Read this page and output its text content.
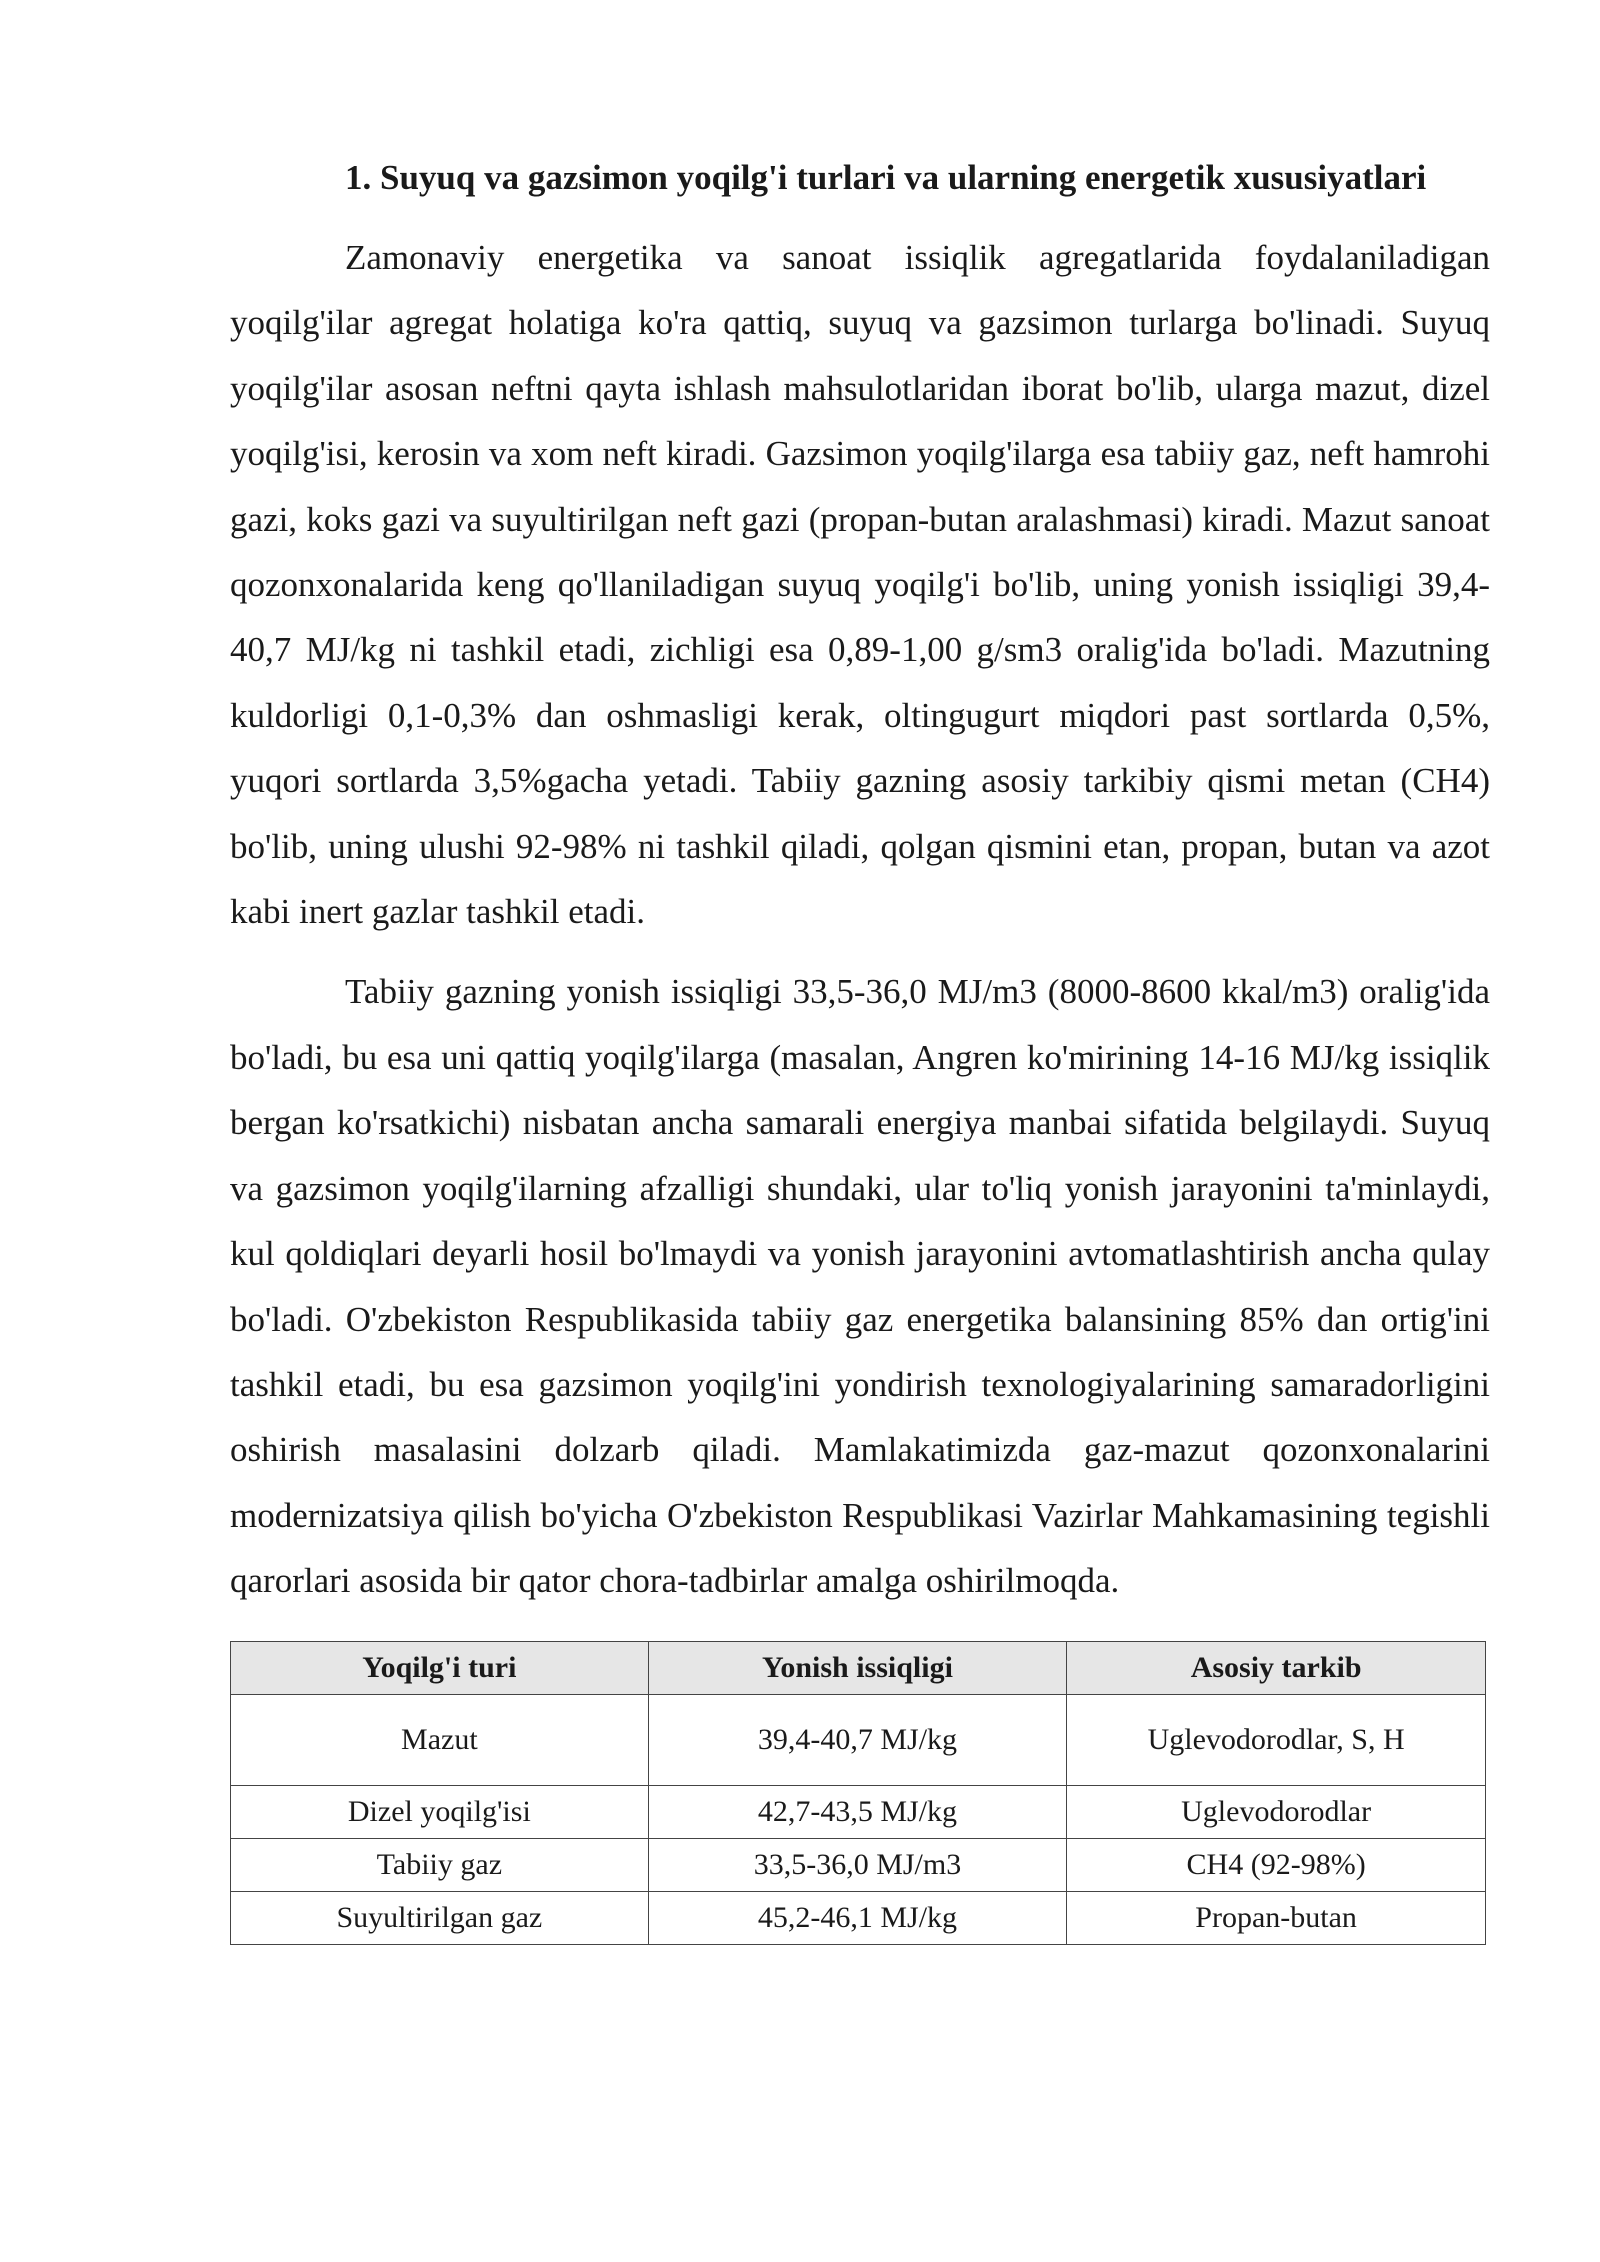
1. Suyuq va gazsimon yoqilg'i turlari va ularning energetik xususiyatlari

Zamonaviy energetika va sanoat issiqlik agregatlarida foydalaniladigan yoqilg'ilar agregat holatiga ko'ra qattiq, suyuq va gazsimon turlarga bo'linadi. Suyuq yoqilg'ilar asosan neftni qayta ishlash mahsulotlaridan iborat bo'lib, ularga mazut, dizel yoqilg'isi, kerosin va xom neft kiradi. Gazsimon yoqilg'ilarga esa tabiiy gaz, neft hamrohi gazi, koks gazi va suyultirilgan neft gazi (propan-butan aralashmasi) kiradi. Mazut sanoat qozonxonalarida keng qo'llaniladigan suyuq yoqilg'i bo'lib, uning yonish issiqligi 39,4-40,7 MJ/kg ni tashkil etadi, zichligi esa 0,89-1,00 g/sm3 oralig'ida bo'ladi. Mazutning kuldorligi 0,1-0,3% dan oshmasligi kerak, oltingugurt miqdori past sortlarda 0,5%, yuqori sortlarda 3,5%gacha yetadi. Tabiiy gazning asosiy tarkibiy qismi metan (CH4) bo'lib, uning ulushi 92-98% ni tashkil qiladi, qolgan qismini etan, propan, butan va azot kabi inert gazlar tashkil etadi.

Tabiiy gazning yonish issiqligi 33,5-36,0 MJ/m3 (8000-8600 kkal/m3) oralig'ida bo'ladi, bu esa uni qattiq yoqilg'ilarga (masalan, Angren ko'mirining 14-16 MJ/kg issiqlik bergan ko'rsatkichi) nisbatan ancha samarali energiya manbai sifatida belgilaydi. Suyuq va gazsimon yoqilg'ilarning afzalligi shundaki, ular to'liq yonish jarayonini ta'minlaydi, kul qoldiqlari deyarli hosil bo'lmaydi va yonish jarayonini avtomatlashtirish ancha qulay bo'ladi. O'zbekiston Respublikasida tabiiy gaz energetika balansining 85% dan ortig'ini tashkil etadi, bu esa gazsimon yoqilg'ini yondirish texnologiyalarining samaradorligini oshirish masalasini dolzarb qiladi. Mamlakatimizda gaz-mazut qozonxonalarini modernizatsiya qilish bo'yicha O'zbekiston Respublikasi Vazirlar Mahkamasining tegishli qarorlari asosida bir qator chora-tadbirlar amalga oshirilmoqda.

Yoqilg'i turi	Yonish issiqligi	Asosiy tarkib
Mazut	39,4-40,7 MJ/kg	Uglevodorodlar, S, H
Dizel yoqilg'isi	42,7-43,5 MJ/kg	Uglevodorodlar
Tabiiy gaz	33,5-36,0 MJ/m3	CH4 (92-98%)
Suyultirilgan gaz	45,2-46,1 MJ/kg	Propan-butan
